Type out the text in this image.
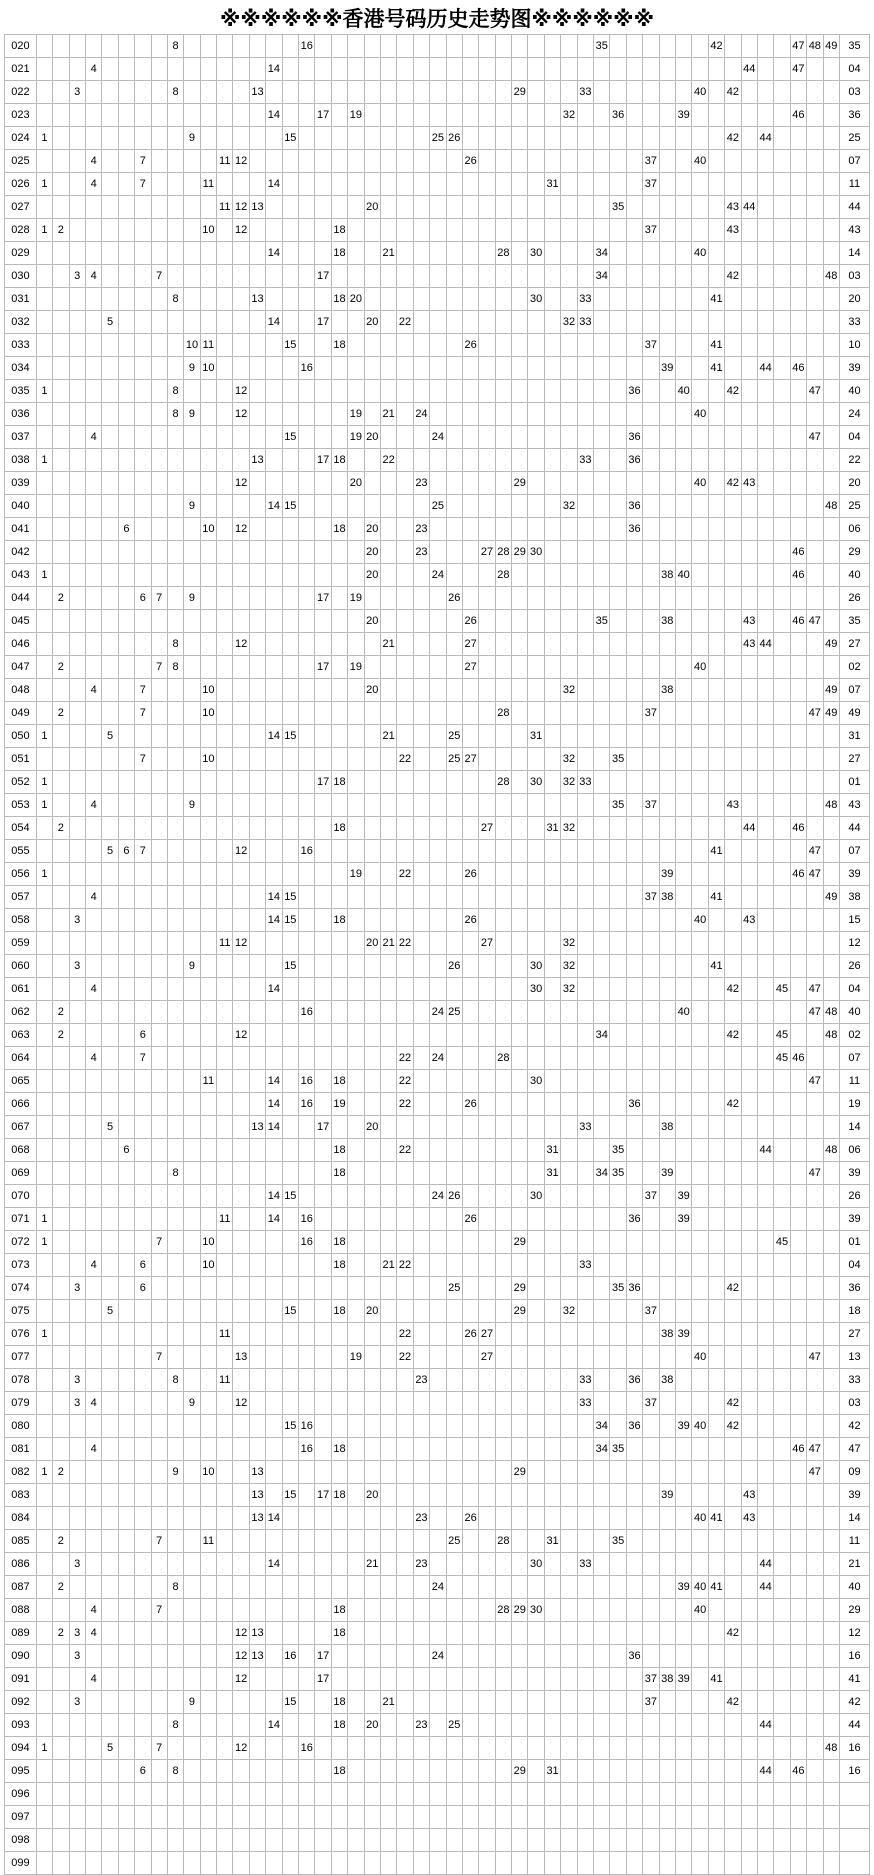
※※※※※※香港号码历史走势图※※※※※※
020									8								16																		35							42					47	48	49	35
021				4											14																													44			47			04
022			3						8					13																29				33							40		42							03
023															14			17		19													32			36				39							46			36
024	1									9						15									25	26																	42		44					25
025				4			7					11	12														26											37			40									07
026	1			4			7				11				14																	31						37												11
027												11	12	13							20															35							43	44						44
028	1	2									10		12						18																			37					43							43
029															14				18			21							28		30				34						40									14
030			3	4				7										17																	34								42						48	03
031									8					13					18	20											30			33								41								20
032					5										14			17			20		22										32	33																33
033										10	11					15			18								26											37				41								10
034										9	10						16																						39			41			44		46			39
035	1								8				12																								36			40			42					47		40
036									8	9			12							19		21		24																	40									24
037				4												15				19	20				24												36											47		04
038	1													13				17	18			22												33			36													22
039													12							20				23						29											40		42	43						20
040										9					14	15									25								32				36												48	25
041						6					10		12						18		20			23													36													06
042																					20			23				27	28	29	30																46			29
043	1																				20				24				28										38	40							46			40
044		2					6	7		9								17		19						26																								26
045																					20						26								35				38					43			46	47		35
046									8				12									21					27																	43	44				49	27
047		2						7	8									17		19							27														40									02
048				4			7				10										20												32						38										49	07
049		2					7				10																		28									37										47	49	49
050	1				5										14	15						21				25					31																			31
051							7				10												22			25	27						32			35														27
052	1																	17	18										28		30		32	33																01
053	1			4						9																										35		37					43						48	43
054		2																	18									27				31	32											44			46			44
055					5	6	7						12				16																									41						47		07
056	1																			19			22				26												39								46	47		39
057				4											14	15																						37	38			41							49	38
058			3												14	15			18								26														40			43						15
059												11	12								20	21	22					27					32																	12
060			3							9						15										26					30		32									41								26
061				4											14																30		32										42			45		47		04
062		2															16								24	25														40								47	48	40
063		2					6						12																						34								42			45			48	02
064				4			7																22		24				28																	45	46			07
065											11				14		16		18				22								30																	47		11
066															14		16		19				22				26										36						42							19
067					5									13	14			17			20													33					38											14
068						6													18				22									31				35									44				48	06
069									8										18													31			34	35			39									47		39
070															14	15									24	26					30							37		39										26
071	1											11			14		16										26										36			39										39
072	1							7			10						16		18											29																45				01
073				4			6				10								18			21	22											33																04
074			3				6																			25				29						35	36						42							36
075					5											15			18		20									29			32					37												18
076	1											11											22				26	27											38	39										27
077								7					13							19			22					27													40							47		13
078			3						8			11												23										33			36		38											33
079			3	4						9			12																					33				37					42							03
080																15	16																		34		36			39	40		42							42
081				4													16		18																34	35											46	47		47
082	1	2							9		10			13																29																		47		09
083														13		15		17	18		20																		39					43						39
084														13	14									23			26														40	41		43						14
085		2						7			11															25			28			31				35														11
086			3												14						21			23							30			33											44					21
087		2							8																24															39	40	41			44					40
088				4				7											18										28	29	30										40									29
089		2	3	4									12	13					18																								42							12
090			3										12	13		16		17							24												36													16
091				4									12					17																				37	38	39		41								41
092			3							9						15			18			21																37					42							42
093									8						14				18		20			23		25																			44					44
094	1				5			7					12				16																																48	16
095							6		8										18											29		31													44		46			16
096																																																		
097																																																		
098																																																		
099																																																		
